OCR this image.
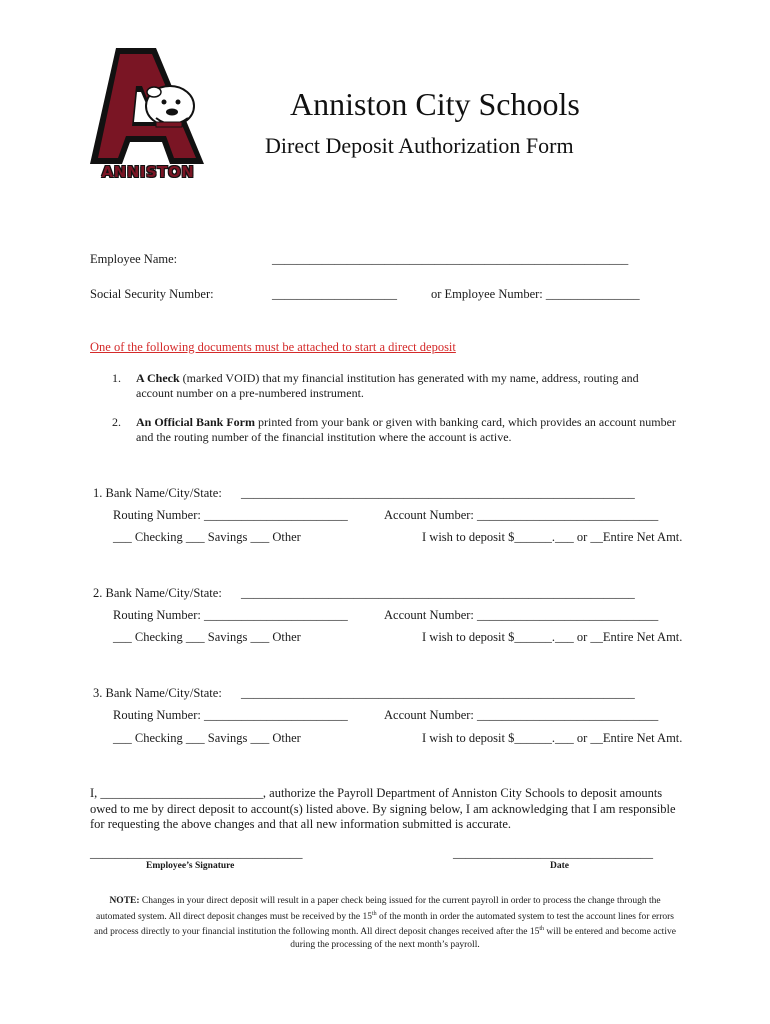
ANNISTON
Anniston City Schools
Direct Deposit Authorization Form
Employee Name:	_________________________________________________________
Social Security Number:	____________________	or Employee Number: _______________
One of the following documents must be attached to start a direct deposit
1. A Check (marked VOID) that my financial institution has generated with my name, address, routing and account number on a pre-numbered instrument.
2. An Official Bank Form printed from your bank or given with banking card, which provides an account number and the routing number of the financial institution where the account is active.
1. Bank Name/City/State: _______________________________________________________________
Routing Number: _______________________	Account Number: _____________________________
___ Checking ___ Savings ___ Other	I wish to deposit $______.___ or __Entire Net Amt.
2. Bank Name/City/State: _______________________________________________________________
Routing Number: _______________________	Account Number: _____________________________
___ Checking ___ Savings ___ Other	I wish to deposit $______.___ or __Entire Net Amt.
3. Bank Name/City/State: _______________________________________________________________
Routing Number: _______________________	Account Number: _____________________________
___ Checking ___ Savings ___ Other	I wish to deposit $______.___ or __Entire Net Amt.
I, __________________________, authorize the Payroll Department of Anniston City Schools to deposit amounts owed to me by direct deposit to account(s) listed above. By signing below, I am acknowledging that I am responsible for requesting the above changes and that all new information submitted is accurate.
__________________________________
Employee’s Signature
________________________________
Date
NOTE: Changes in your direct deposit will result in a paper check being issued for the current payroll in order to process the change through the automated system. All direct deposit changes must be received by the 15th of the month in order the automated system to test the account lines for errors and process directly to your financial institution the following month. All direct deposit changes received after the 15th will be entered and become active during the processing of the next month’s payroll.
